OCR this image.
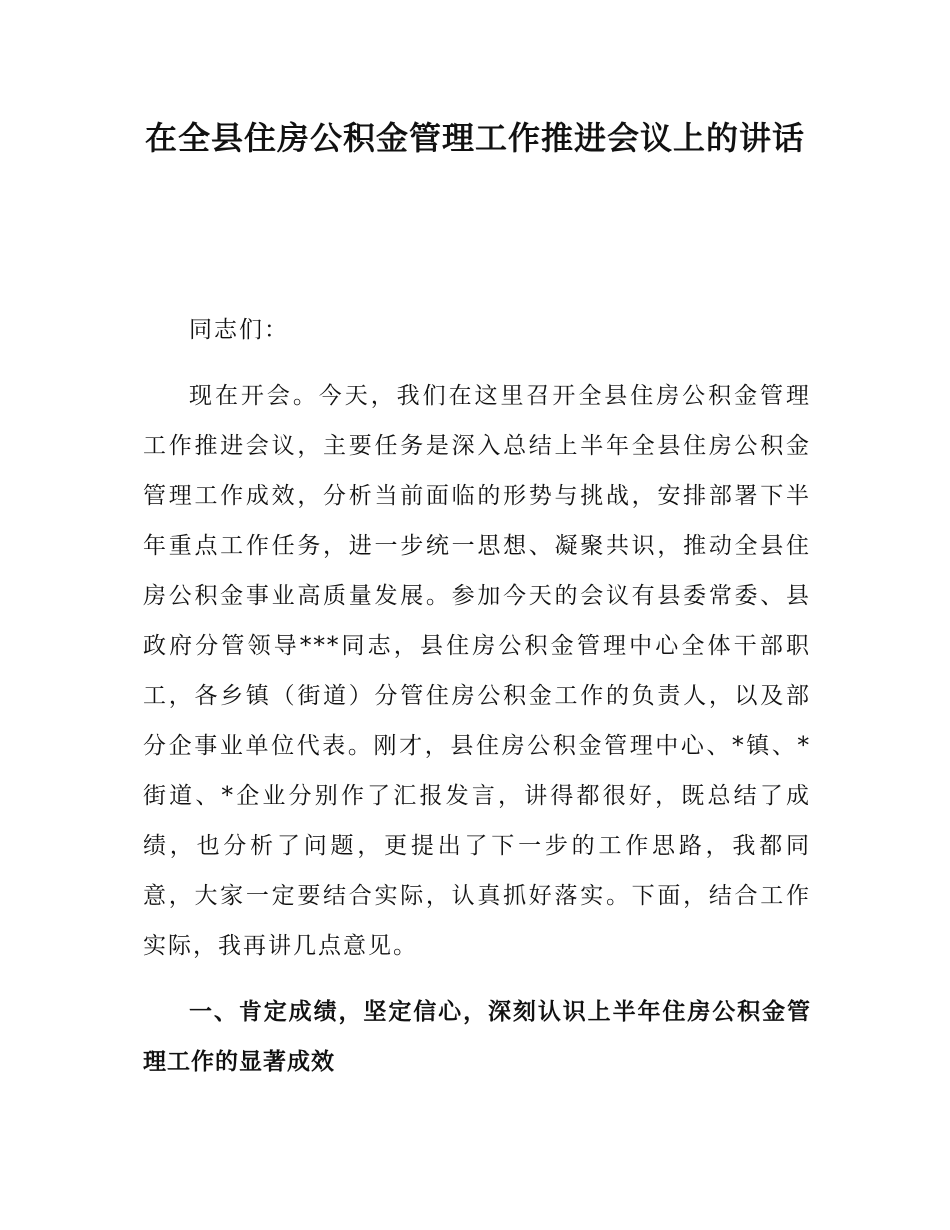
在全县住房公积金管理工作推进会议上的讲话

同志们：

现在开会。今天，我们在这里召开全县住房公积金管理工作推进会议，主要任务是深入总结上半年全县住房公积金管理工作成效，分析当前面临的形势与挑战，安排部署下半年重点工作任务，进一步统一思想、凝聚共识，推动全县住房公积金事业高质量发展。参加今天的会议有县委常委、县政府分管领导***同志，县住房公积金管理中心全体干部职工，各乡镇（街道）分管住房公积金工作的负责人，以及部分企事业单位代表。刚才，县住房公积金管理中心、*镇、*街道、*企业分别作了汇报发言，讲得都很好，既总结了成绩，也分析了问题，更提出了下一步的工作思路，我都同意，大家一定要结合实际，认真抓好落实。下面，结合工作实际，我再讲几点意见。

一、肯定成绩，坚定信心，深刻认识上半年住房公积金管理工作的显著成效
